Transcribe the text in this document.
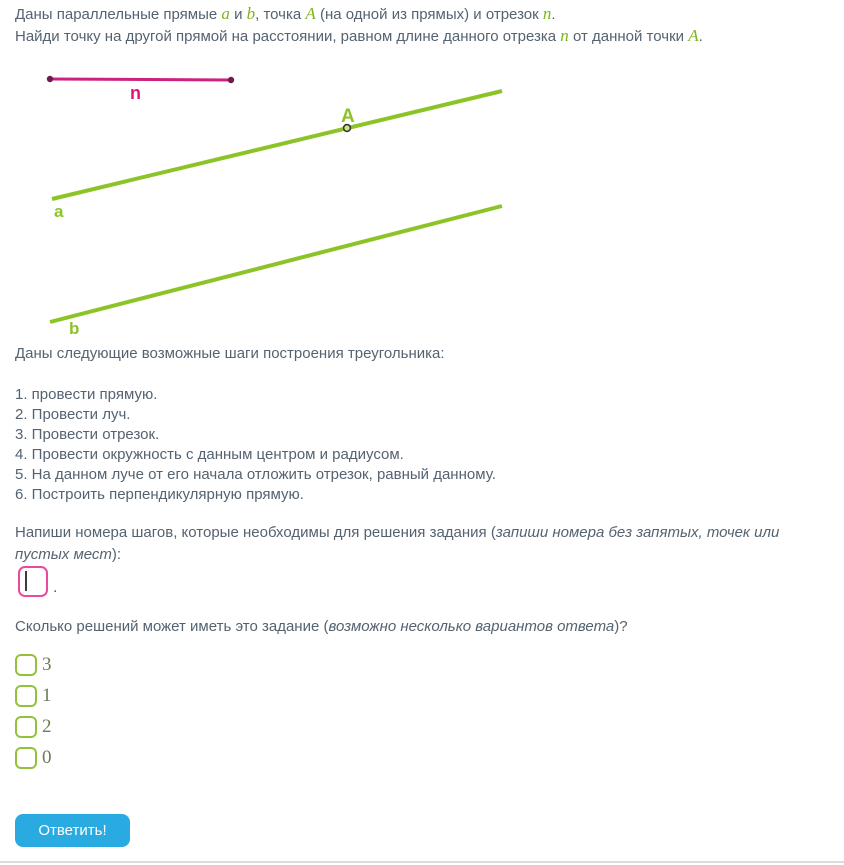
Даны параллельные прямые a и b, точка A (на одной из прямых) и отрезок n.
Найди точку на другой прямой на расстоянии, равном длине данного отрезка n от данной точки A.
n
a
A
b
Даны следующие возможные шаги построения треугольника:
1. провести прямую.
2. Провести луч.
3. Провести отрезок.
4. Провести окружность с данным центром и радиусом.
5. На данном луче от его начала отложить отрезок, равный данному.
6. Построить перпендикулярную прямую.
Напиши номера шагов, которые необходимы для решения задания (запиши номера без запятых, точек или пустых мест):
.
Сколько решений может иметь это задание (возможно несколько вариантов ответа)?
3
1
2
0
Ответить!
